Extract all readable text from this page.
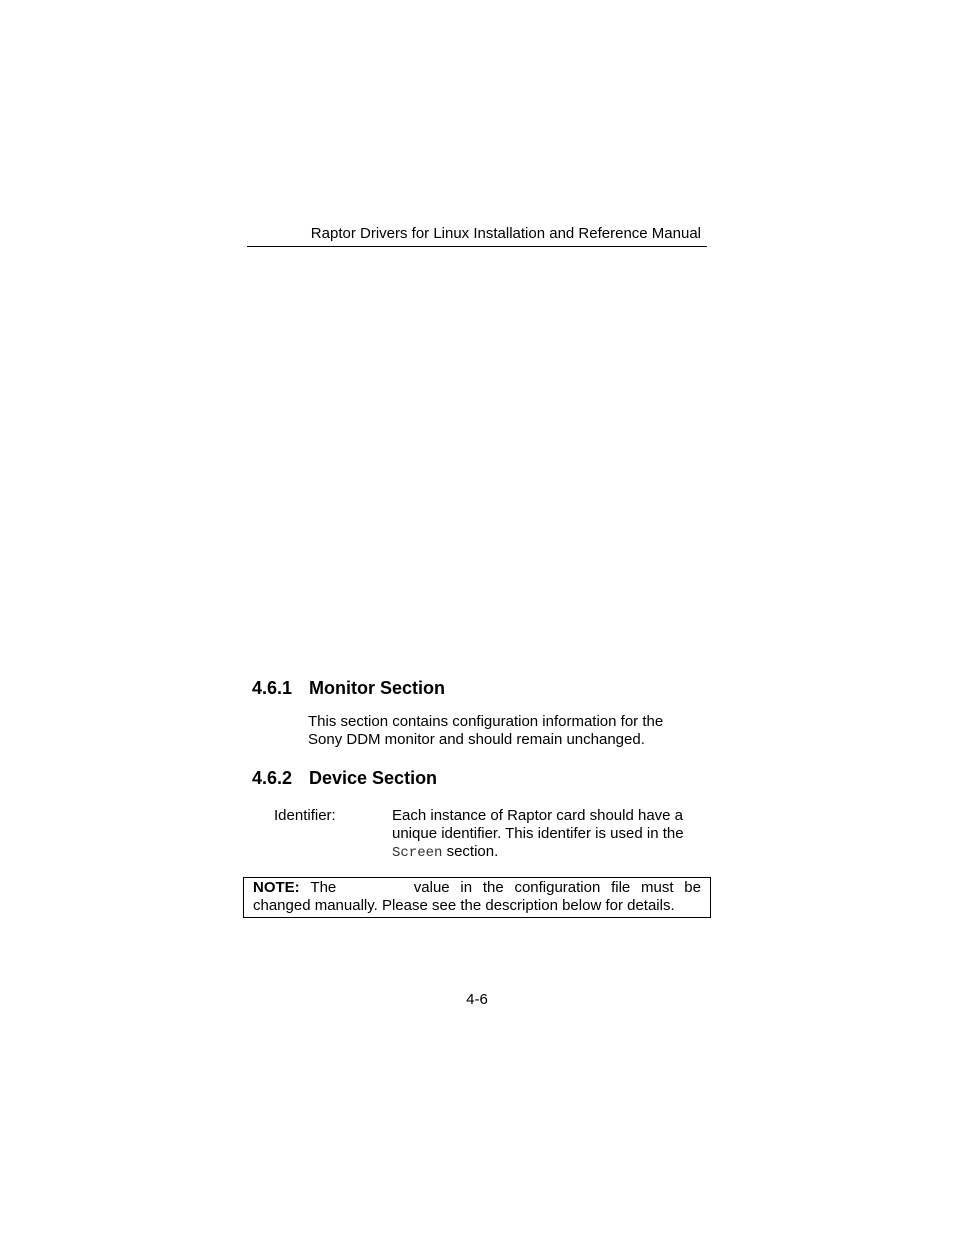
Raptor Drivers for Linux Installation and Reference Manual
4.6.1 Monitor Section
This section contains configuration information for the
Sony DDM monitor and should remain unchanged.
4.6.2 Device Section
Identifier:	Each instance of Raptor card should have a
unique identifier. This identifer is used in the
Screen section.
NOTE: The	value in the configuration file must be
changed manually. Please see the description below for details.
4-6
